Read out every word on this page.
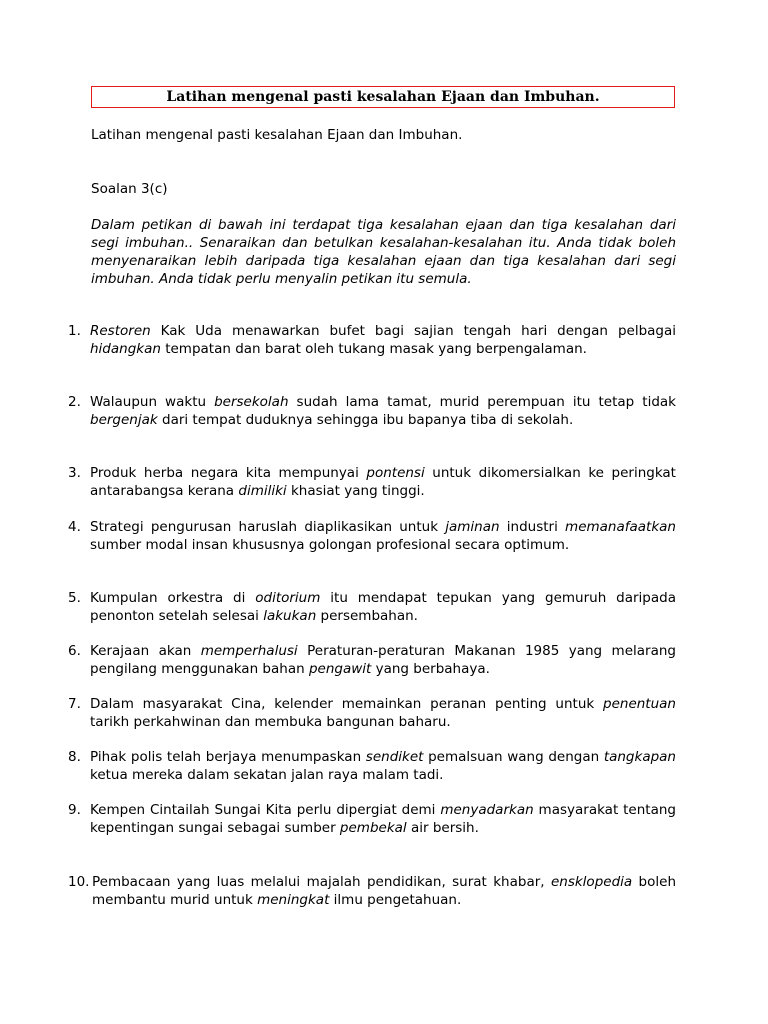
Latihan mengenal pasti kesalahan Ejaan dan Imbuhan.
Latihan mengenal pasti kesalahan Ejaan dan Imbuhan.
Soalan 3(c)
Dalam petikan di bawah ini terdapat tiga kesalahan ejaan dan tiga kesalahan dari segi imbuhan.. Senaraikan dan betulkan kesalahan-kesalahan itu. Anda tidak boleh menyenaraikan lebih daripada tiga kesalahan ejaan dan tiga kesalahan dari segi imbuhan. Anda tidak perlu menyalin petikan itu semula.
1. Restoren Kak Uda menawarkan bufet bagi sajian tengah hari dengan pelbagai hidangkan tempatan dan barat oleh tukang masak yang berpengalaman.
2. Walaupun waktu bersekolah sudah lama tamat, murid perempuan itu tetap tidak bergenjak dari tempat duduknya sehingga ibu bapanya tiba di sekolah.
3. Produk herba negara kita mempunyai pontensi untuk dikomersialkan ke peringkat antarabangsa kerana dimiliki khasiat yang tinggi.
4. Strategi pengurusan haruslah diaplikasikan untuk jaminan industri memanafaatkan sumber modal insan khususnya golongan profesional secara optimum.
5. Kumpulan orkestra di oditorium itu mendapat tepukan yang gemuruh daripada penonton setelah selesai lakukan persembahan.
6. Kerajaan akan memperhalusi Peraturan-peraturan Makanan 1985 yang melarang pengilang menggunakan bahan pengawit yang berbahaya.
7. Dalam masyarakat Cina, kelender memainkan peranan penting untuk penentuan tarikh perkahwinan dan membuka bangunan baharu.
8. Pihak polis telah berjaya menumpaskan sendiket pemalsuan wang dengan tangkapan ketua mereka dalam sekatan jalan raya malam tadi.
9. Kempen Cintailah Sungai Kita perlu dipergiat demi menyadarkan masyarakat tentang kepentingan sungai sebagai sumber pembekal air bersih.
10. Pembacaan yang luas melalui majalah pendidikan, surat khabar, ensklopedia boleh membantu murid untuk meningkat ilmu pengetahuan.
